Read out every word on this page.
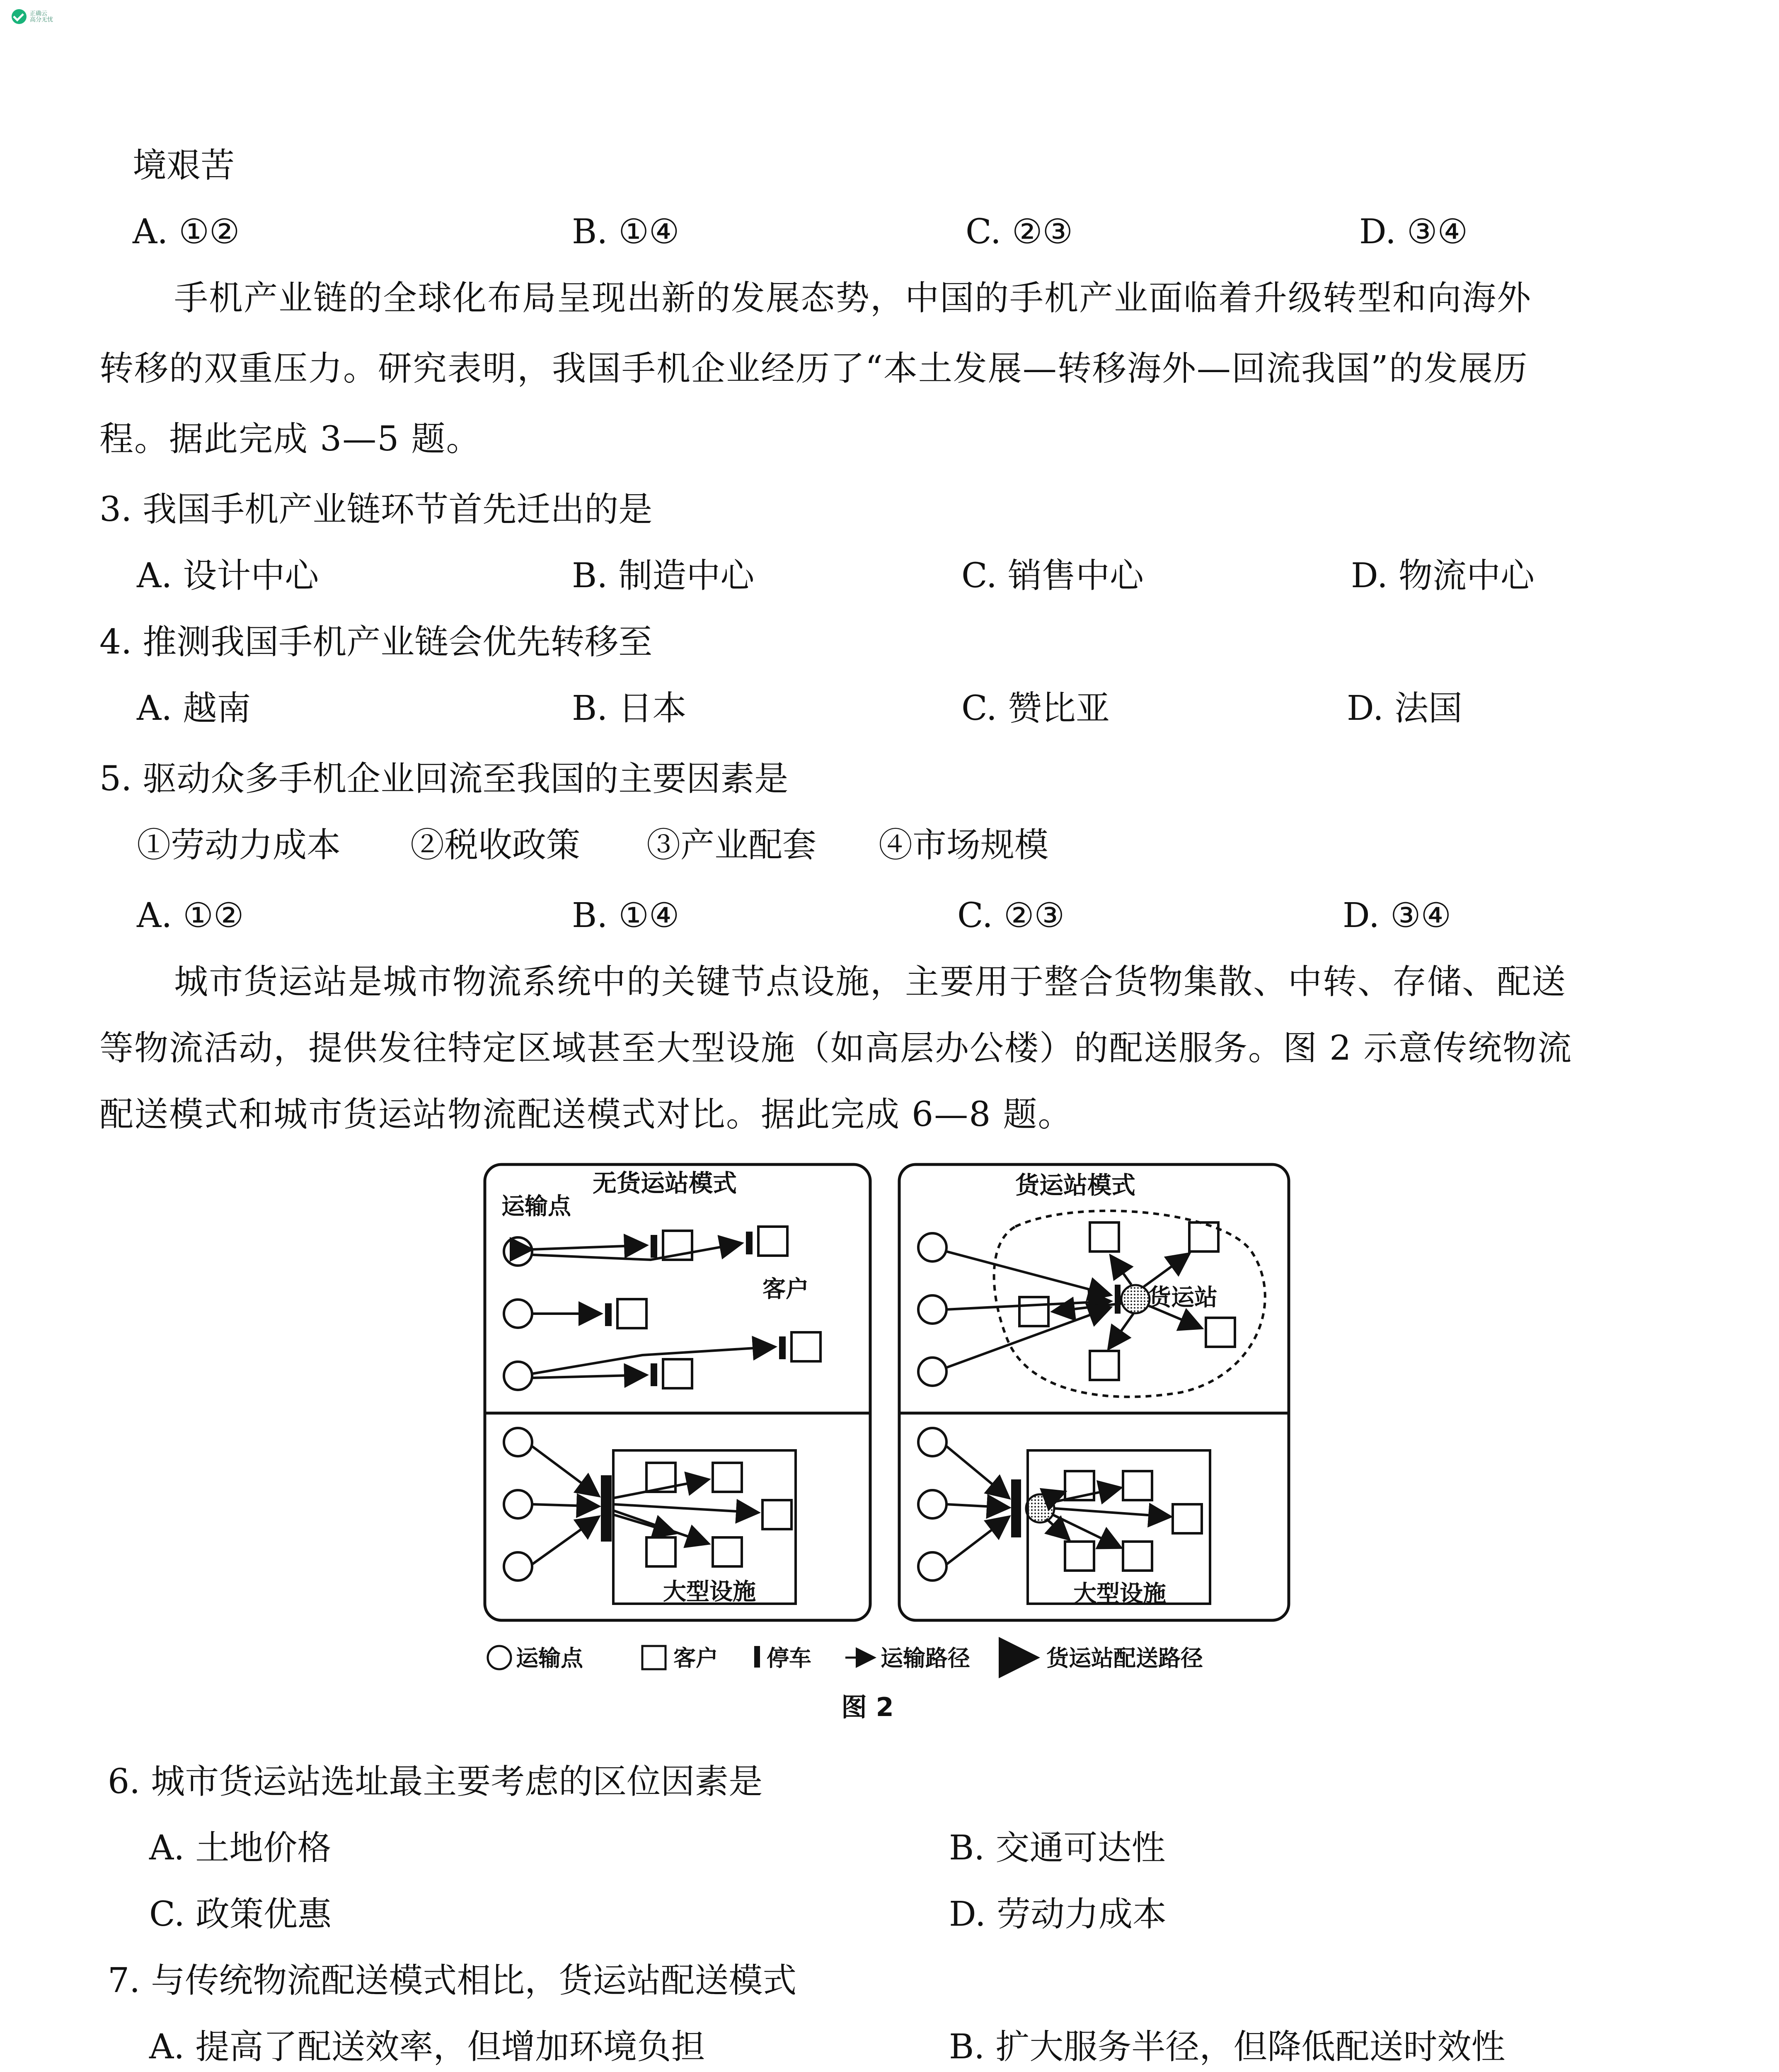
正确云
高分无忧
境艰苦
A. ①②	B. ①④	C. ②③	D. ③④
手机产业链的全球化布局呈现出新的发展态势，中国的手机产业面临着升级转型和向海外
转移的双重压力。研究表明，我国手机企业经历了“本土发展—转移海外—回流我国”的发展历
程。据此完成 3—5 题。
3. 我国手机产业链环节首先迁出的是
A. 设计中心	B. 制造中心	C. 销售中心	D. 物流中心
4. 推测我国手机产业链会优先转移至
A. 越南	B. 日本	C. 赞比亚	D. 法国
5. 驱动众多手机企业回流至我国的主要因素是
①劳动力成本 ②税收政策 ③产业配套 ④市场规模
A. ①②	B. ①④	C. ②③	D. ③④
城市货运站是城市物流系统中的关键节点设施，主要用于整合货物集散、中转、存储、配送
等物流活动，提供发往特定区域甚至大型设施（如高层办公楼）的配送服务。图 2 示意传统物流
配送模式和城市货运站物流配送模式对比。据此完成 6—8 题。
无货运站模式
运输点
客户
大型设施
货运站模式
货运站
大型设施
运输点	客户 停车	运输路径	货运站配送路径
图 2
6. 城市货运站选址最主要考虑的区位因素是
A. 土地价格	B. 交通可达性
C. 政策优惠	D. 劳动力成本
7. 与传统物流配送模式相比，货运站配送模式
A. 提高了配送效率，但增加环境负担	B. 扩大服务半径，但降低配送时效性
